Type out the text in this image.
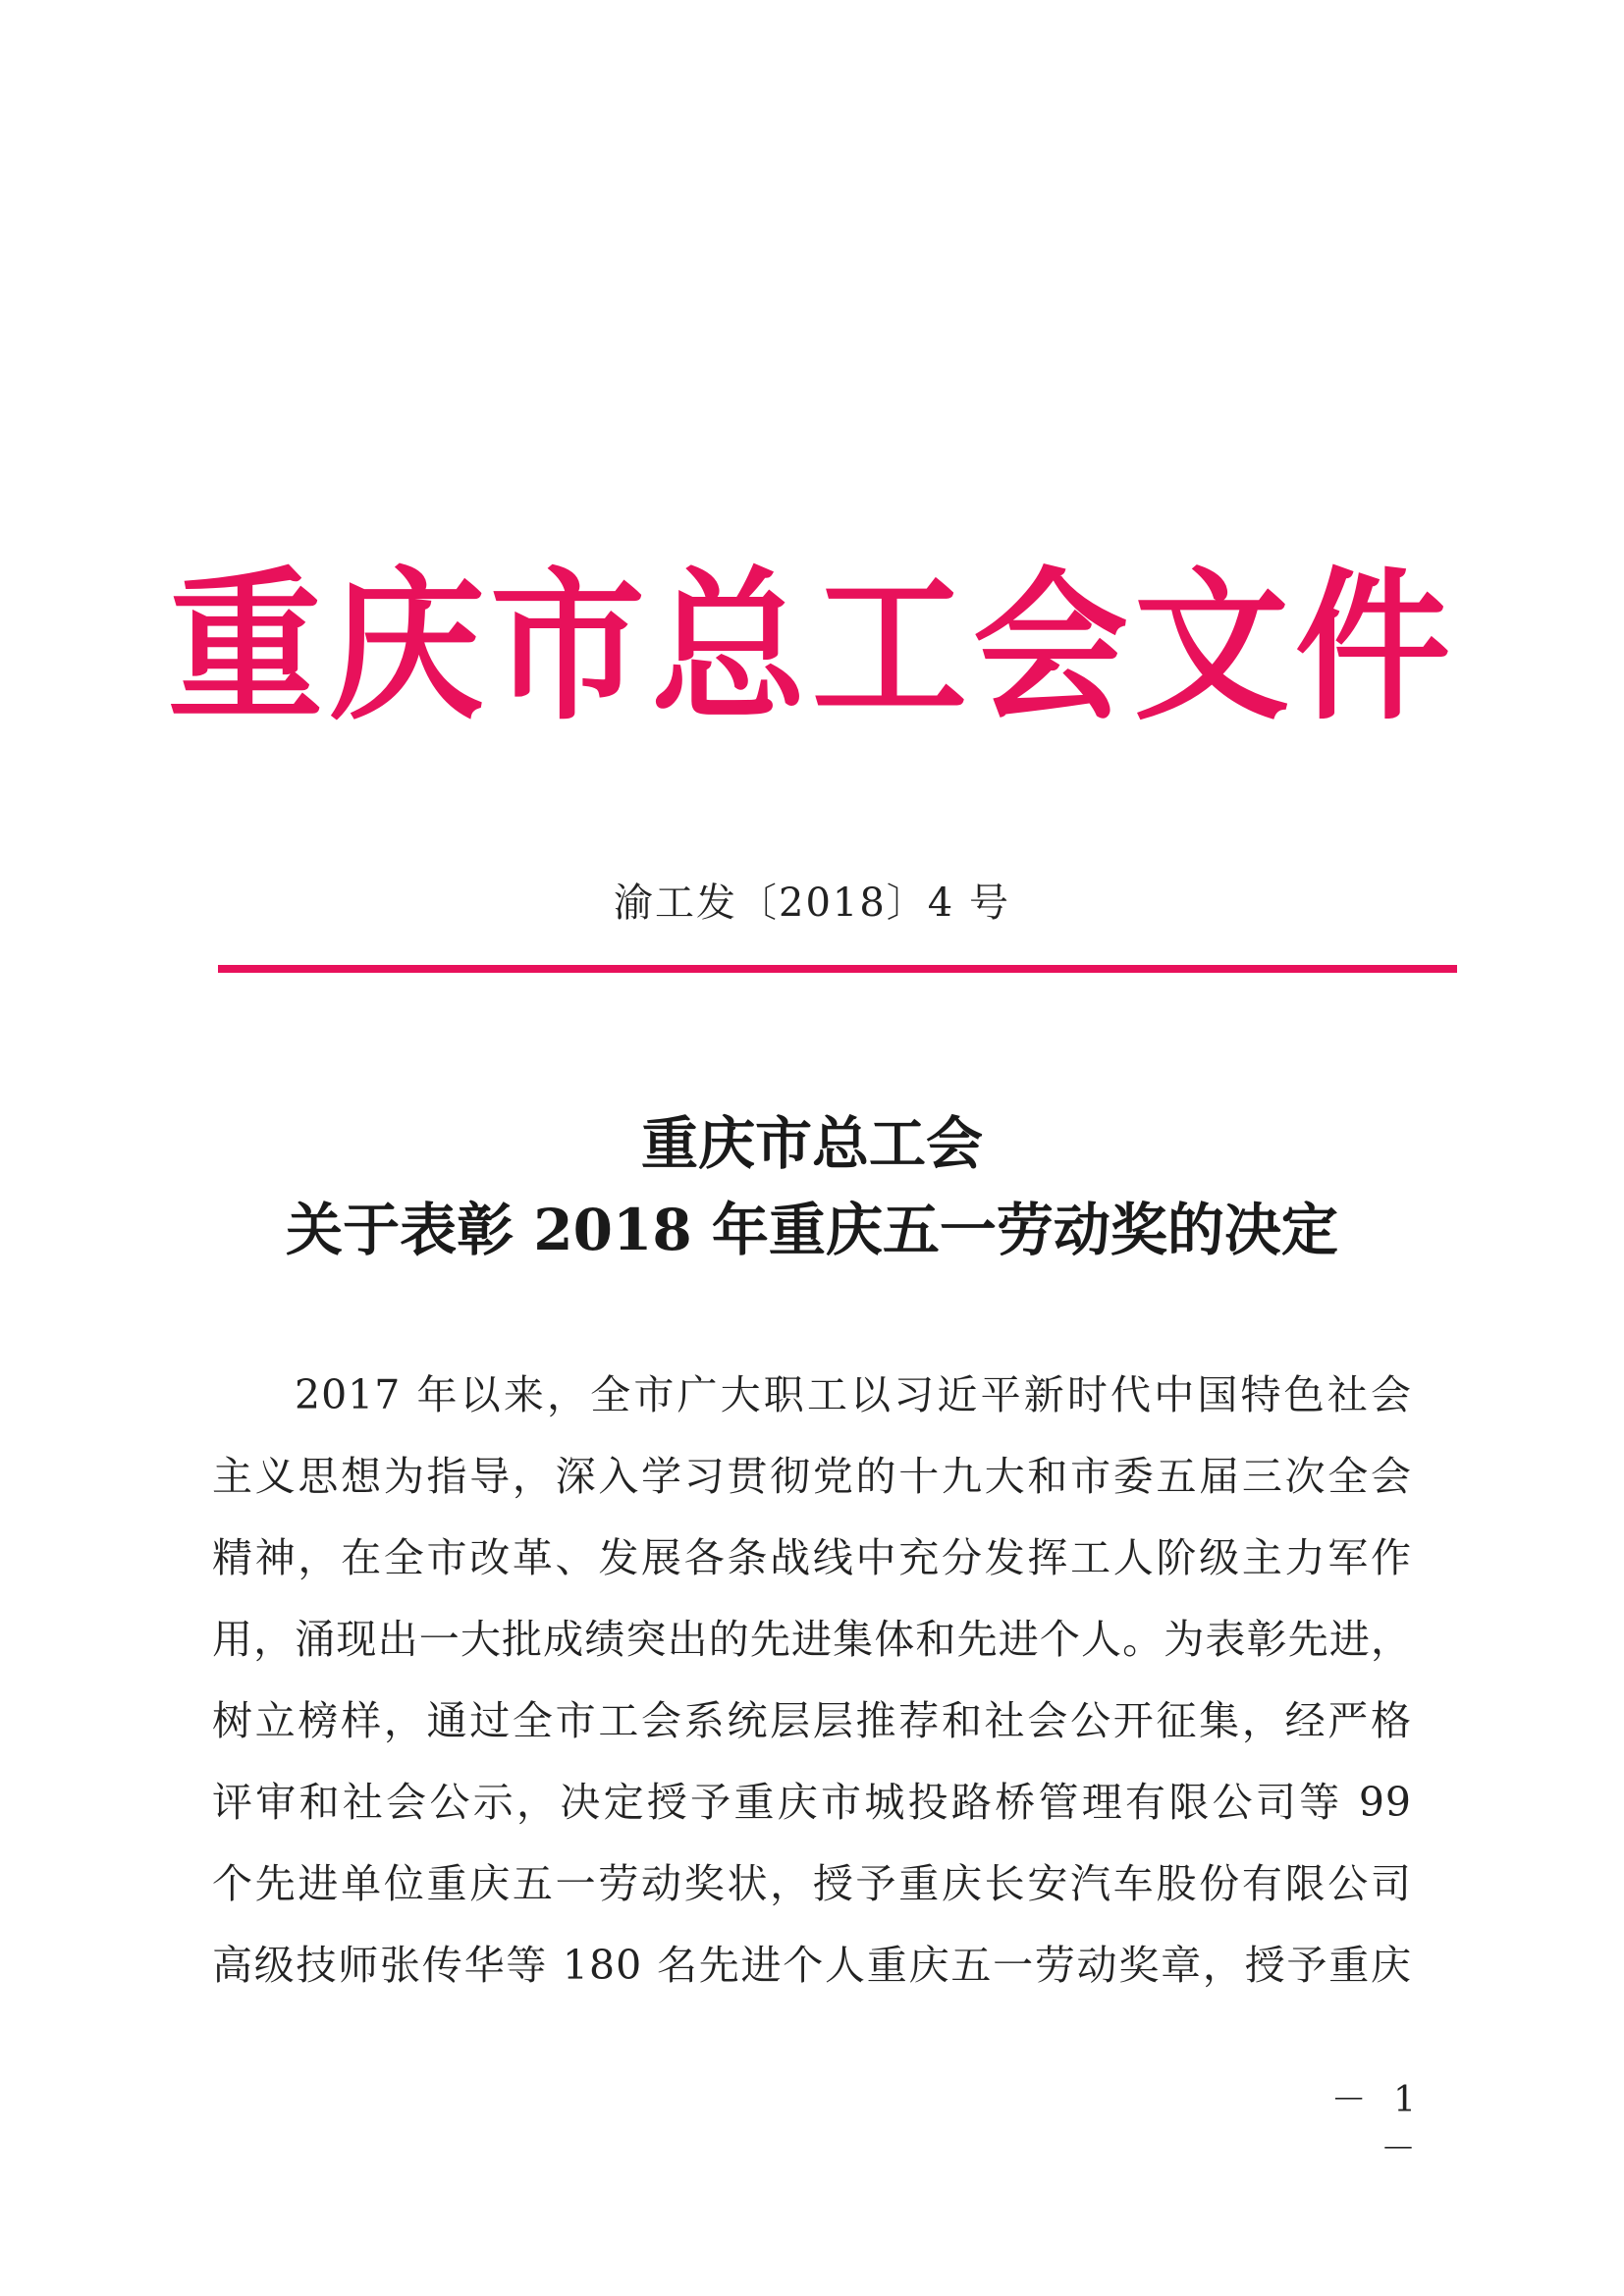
重庆市总工会文件
渝工发〔2018〕4 号
重庆市总工会
关于表彰 2018 年重庆五一劳动奖的决定
2017 年以来，全市广大职工以习近平新时代中国特色社会
主义思想为指导，深入学习贯彻党的十九大和市委五届三次全会
精神，在全市改革、发展各条战线中充分发挥工人阶级主力军作
用，涌现出一大批成绩突出的先进集体和先进个人。为表彰先进，
树立榜样，通过全市工会系统层层推荐和社会公开征集，经严格
评审和社会公示，决定授予重庆市城投路桥管理有限公司等 99
个先进单位重庆五一劳动奖状，授予重庆长安汽车股份有限公司
高级技师张传华等 180 名先进个人重庆五一劳动奖章，授予重庆
－ 1 －
